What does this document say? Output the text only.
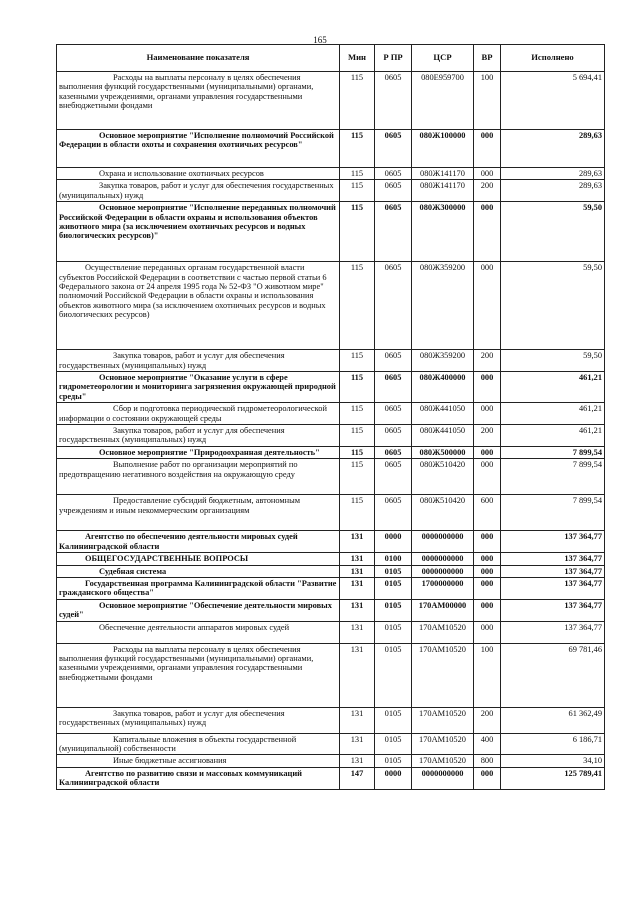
165
Наименование показателя	Мин	Р ПР	ЦСР	ВР	Исполнено
Расходы на выплаты персоналу в целях обеспечения выполнения функций государственными (муниципальными) органами, казенными учреждениями, органами управления государственными внебюджетными фондами	115	0605	080Е959700	100	5 694,41
Основное мероприятие "Исполнение полномочий Российской Федерации в области охоты и сохранения охотничьих ресурсов"	115	0605	080Ж100000	000	289,63
Охрана и использование охотничьих ресурсов	115	0605	080Ж141170	000	289,63
Закупка товаров, работ и услуг для обеспечения государственных (муниципальных) нужд	115	0605	080Ж141170	200	289,63
Основное мероприятие "Исполнение переданных полномочий Российской Федерации в области охраны и использования объектов животного мира (за исключением охотничьих ресурсов и водных биологических ресурсов)"	115	0605	080Ж300000	000	59,50
Осуществление переданных органам государственной власти субъектов Российской Федерации в соответствии с частью первой статьи 6 Федерального закона от 24 апреля 1995 года № 52-ФЗ "О животном мире" полномочий Российской Федерации в области охраны и использования объектов животного мира (за исключением охотничьих ресурсов и водных биологических ресурсов)	115	0605	080Ж359200	000	59,50
Закупка товаров, работ и услуг для обеспечения государственных (муниципальных) нужд	115	0605	080Ж359200	200	59,50
Основное мероприятие "Оказание услуги в сфере гидрометеорологии и мониторинга загрязнения окружающей природной среды"	115	0605	080Ж400000	000	461,21
Сбор и подготовка периодической гидрометеорологической информации о состоянии окружающей среды	115	0605	080Ж441050	000	461,21
Закупка товаров, работ и услуг для обеспечения государственных (муниципальных) нужд	115	0605	080Ж441050	200	461,21
Основное мероприятие "Природоохранная деятельность"	115	0605	080Ж500000	000	7 899,54
Выполнение работ по организации мероприятий по предотвращению негативного воздействия на окружающую среду	115	0605	080Ж510420	000	7 899,54
Предоставление субсидий бюджетным, автономным учреждениям и иным некоммерческим организациям	115	0605	080Ж510420	600	7 899,54
Агентство по обеспечению деятельности мировых судей Калининградской области	131	0000	0000000000	000	137 364,77
ОБЩЕГОСУДАРСТВЕННЫЕ ВОПРОСЫ	131	0100	0000000000	000	137 364,77
Судебная система	131	0105	0000000000	000	137 364,77
Государственная программа Калининградской области "Развитие гражданского общества"	131	0105	1700000000	000	137 364,77
Основное мероприятие "Обеспечение деятельности мировых судей"	131	0105	170АМ00000	000	137 364,77
Обеспечение деятельности аппаратов мировых судей	131	0105	170АМ10520	000	137 364,77
Расходы на выплаты персоналу в целях обеспечения выполнения функций государственными (муниципальными) органами, казенными учреждениями, органами управления государственными внебюджетными фондами	131	0105	170АМ10520	100	69 781,46
Закупка товаров, работ и услуг для обеспечения государственных (муниципальных) нужд	131	0105	170АМ10520	200	61 362,49
Капитальные вложения в объекты государственной (муниципальной) собственности	131	0105	170АМ10520	400	6 186,71
Иные бюджетные ассигнования	131	0105	170АМ10520	800	34,10
Агентство по развитию связи и массовых коммуникаций Калининградской области	147	0000	0000000000	000	125 789,41
